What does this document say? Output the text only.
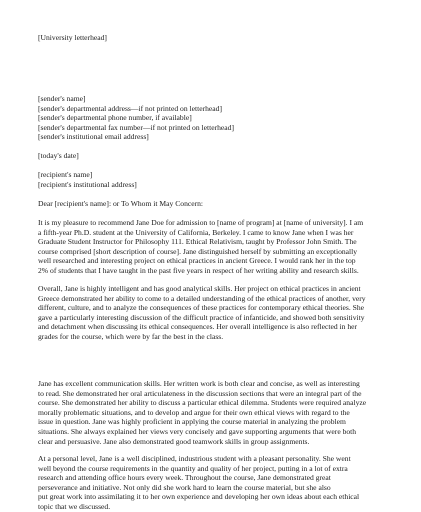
[University letterhead]
[sender's name]
[sender's departmental address—if not printed on letterhead]
[sender's departmental phone number, if available]
[sender's departmental fax number—if not printed on letterhead]
[sender's institutional email address]
[today's date]
[recipient's name]
[recipient's institutional address]
Dear [recipient's name]: or To Whom it May Concern:
It is my pleasure to recommend Jane Doe for admission to [name of program] at [name of university]. I am
a fifth-year Ph.D. student at the University of California, Berkeley. I came to know Jane when I was her
Graduate Student Instructor for Philosophy 111. Ethical Relativism, taught by Professor John Smith. The
course comprised [short description of course]. Jane distinguished herself by submitting an exceptionally
well researched and interesting project on ethical practices in ancient Greece. I would rank her in the top
2% of students that I have taught in the past five years in respect of her writing ability and research skills.
Overall, Jane is highly intelligent and has good analytical skills. Her project on ethical practices in ancient
Greece demonstrated her ability to come to a detailed understanding of the ethical practices of another, very
different, culture, and to analyze the consequences of these practices for contemporary ethical theories. She
gave a particularly interesting discussion of the difficult practice of infanticide, and showed both sensitivity
and detachment when discussing its ethical consequences. Her overall intelligence is also reflected in her
grades for the course, which were by far the best in the class.
Jane has excellent communication skills. Her written work is both clear and concise, as well as interesting
to read. She demonstrated her oral articulateness in the discussion sections that were an integral part of the
course. She demonstrated her ability to discuss a particular ethical dilemma. Students were required analyze
morally problematic situations, and to develop and argue for their own ethical views with regard to the
issue in question. Jane was highly proficient in applying the course material in analyzing the problem
situations. She always explained her views very concisely and gave supporting arguments that were both
clear and persuasive. Jane also demonstrated good teamwork skills in group assignments.
At a personal level, Jane is a well disciplined, industrious student with a pleasant personality. She went
well beyond the course requirements in the quantity and quality of her project, putting in a lot of extra
research and attending office hours every week. Throughout the course, Jane demonstrated great
perseverance and initiative. Not only did she work hard to learn the course material, but she also
put great work into assimilating it to her own experience and developing her own ideas about each ethical
topic that we discussed.
